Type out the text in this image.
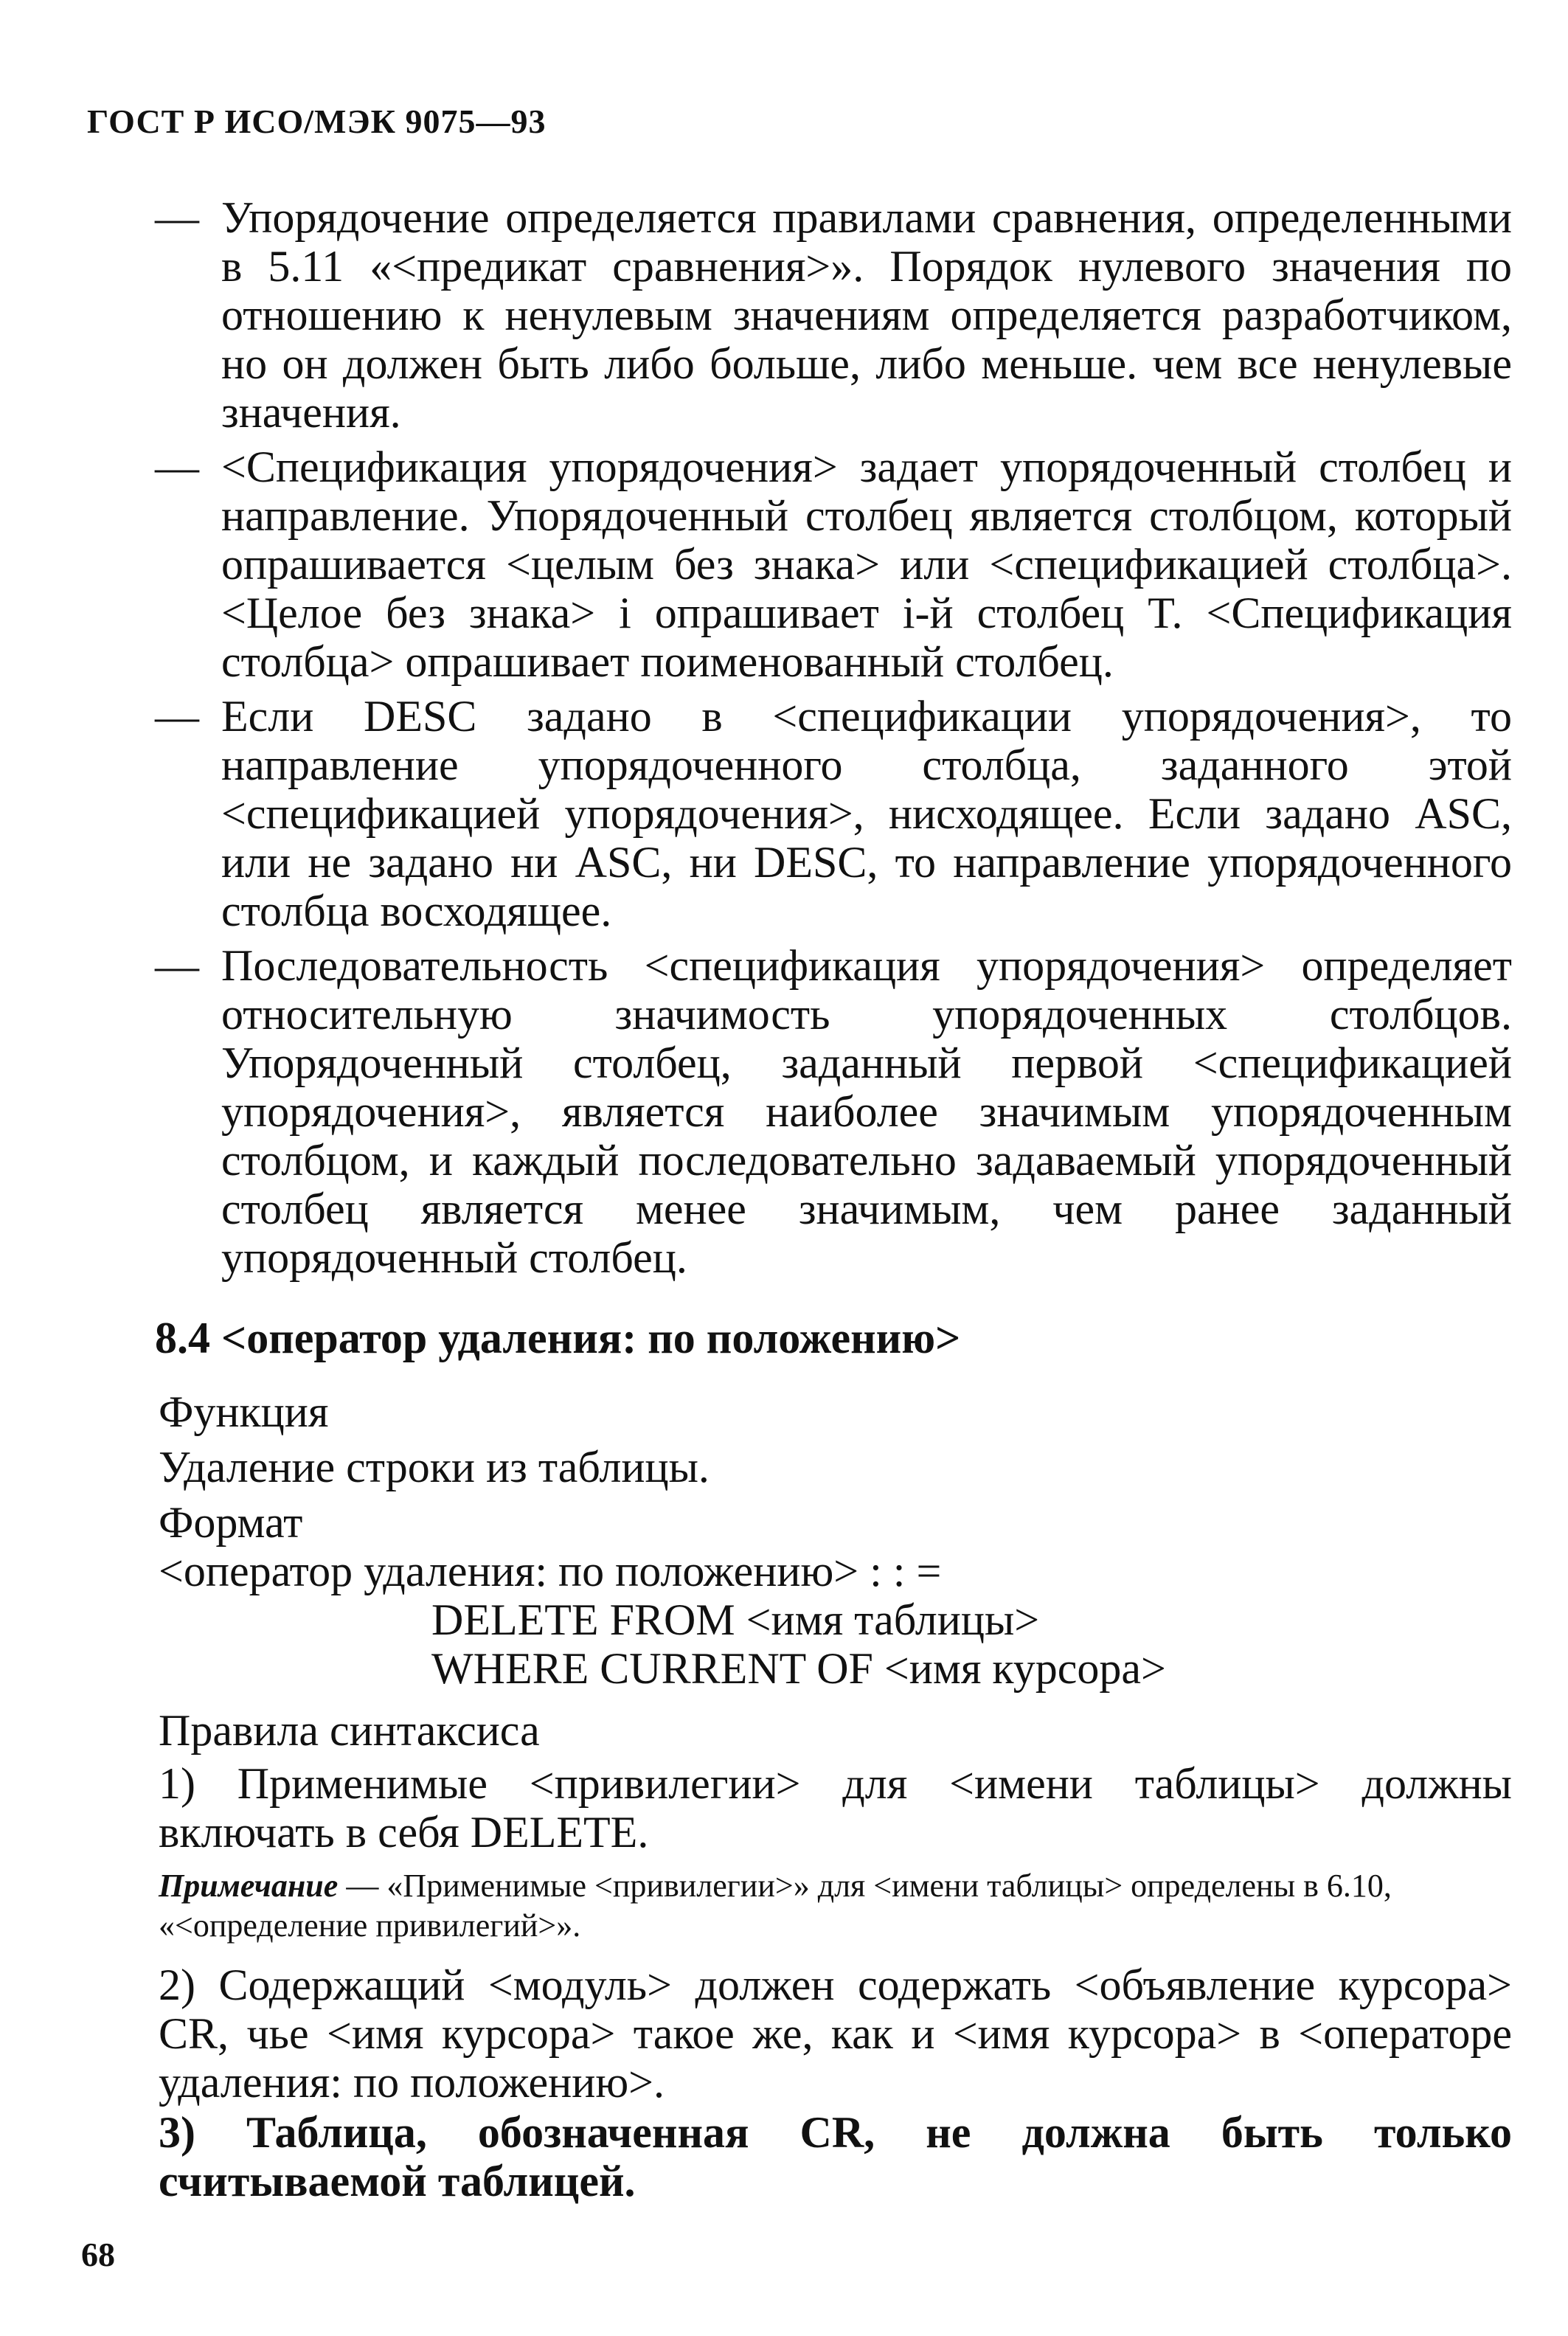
ГОСТ Р ИСО/МЭК 9075—93
— Упорядочение определяется правилами сравнения, определенными в 5.11 «<предикат сравнения>». Порядок нулевого значения по отношению к ненулевым значениям определяется разработчиком, но он должен быть либо больше, либо меньше. чем все ненулевые значения.
— <Спецификация упорядочения> задает упорядоченный столбец и направление. Упорядоченный столбец является столбцом, который опрашивается <целым без знака> или <спецификацией столбца>. <Целое без знака> i опрашивает i-й столбец T. <Спецификация столбца> опрашивает поименованный столбец.
— Если DESC задано в <спецификации упорядочения>, то направление упорядоченного столбца, заданного этой <спецификацией упорядочения>, нисходящее. Если задано ASC, или не задано ни ASC, ни DESC, то направление упорядоченного столбца восходящее.
— Последовательность <спецификация упорядочения> определяет относительную значимость упорядоченных столбцов. Упорядоченный столбец, заданный первой <спецификацией упорядочения>, является наиболее значимым упорядоченным столбцом, и каждый последовательно задаваемый упорядоченный столбец является менее значимым, чем ранее заданный упорядоченный столбец.
8.4 <оператор удаления: по положению>
Функция
Удаление строки из таблицы.
Формат
<оператор удаления: по положению> : : =
DELETE FROM <имя таблицы>
WHERE CURRENT OF <имя курсора>
Правила синтаксиса
1) Применимые <привилегии> для <имени таблицы> должны включать в себя DELETE.
Примечание — «Применимые <привилегии>» для <имени таблицы> определены в 6.10, «<определение привилегий>».
2) Содержащий <модуль> должен содержать <объявление курсора> CR, чье <имя курсора> такое же, как и <имя курсора> в <операторе удаления: по положению>.
3) Таблица, обозначенная CR, не должна быть только считываемой таблицей.
68
